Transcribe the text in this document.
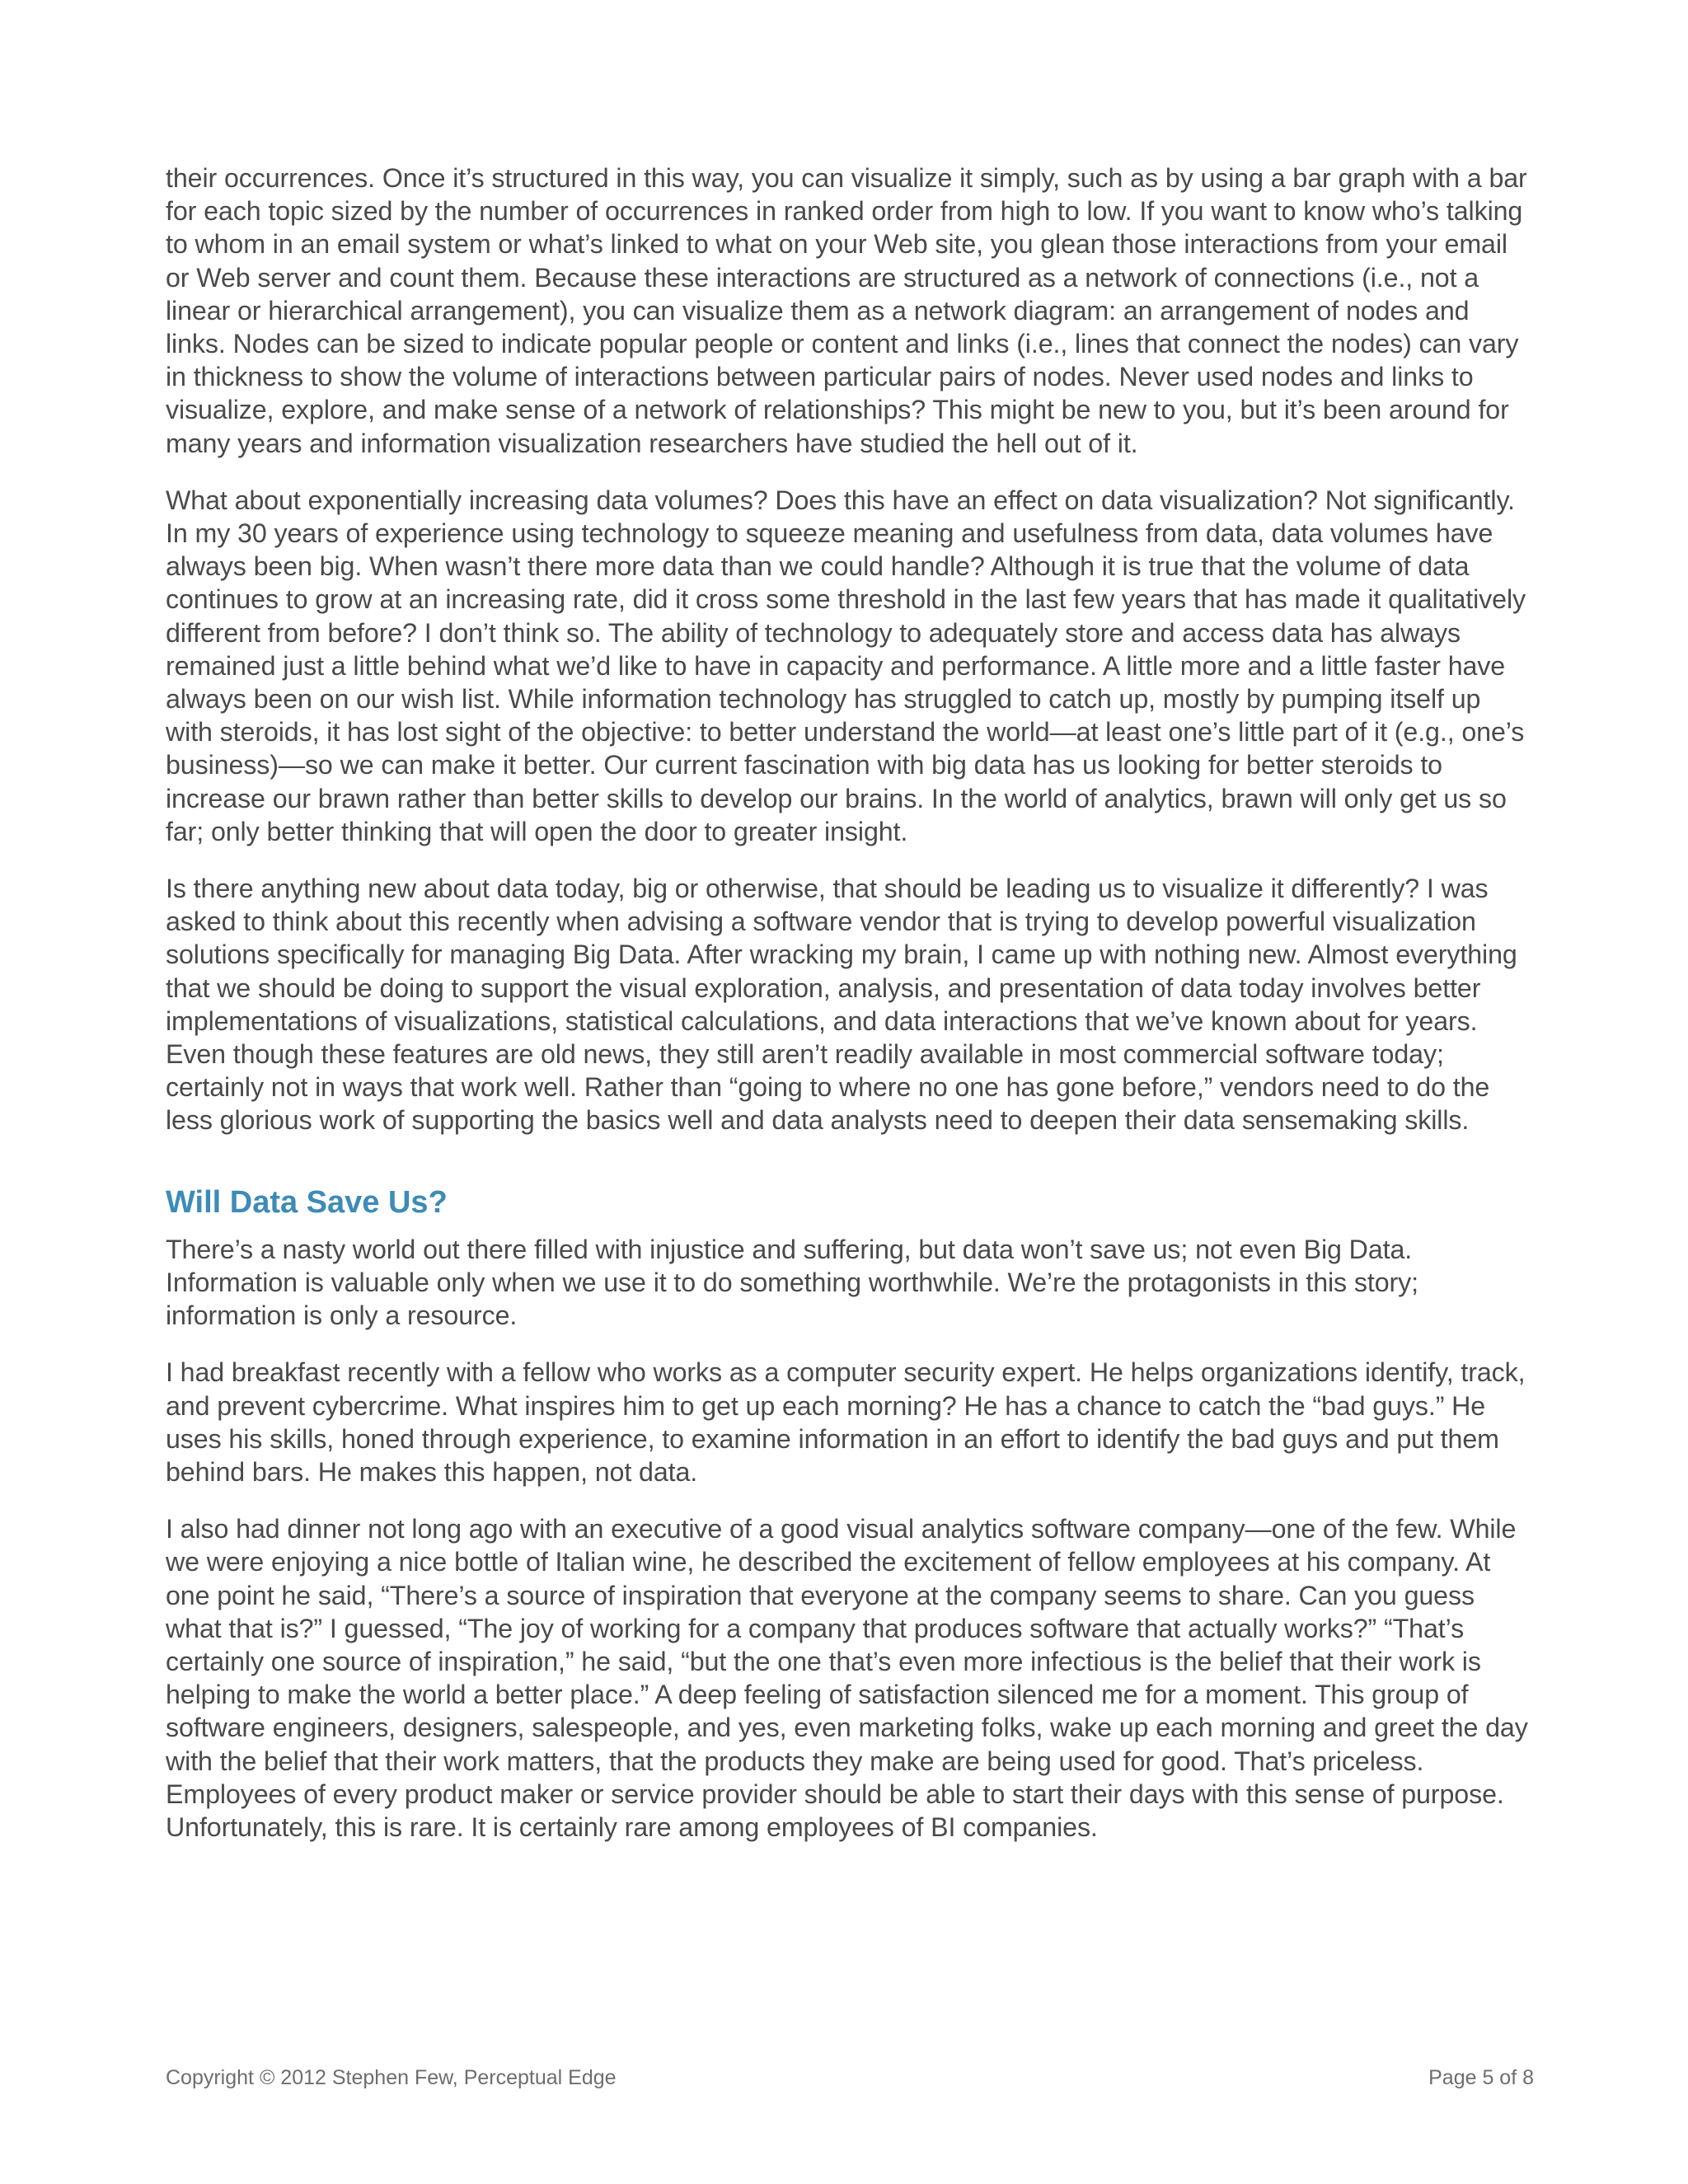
their occurrences. Once it’s structured in this way, you can visualize it simply, such as by using a bar graph with a bar for each topic sized by the number of occurrences in ranked order from high to low. If you want to know who’s talking to whom in an email system or what’s linked to what on your Web site, you glean those interactions from your email or Web server and count them. Because these interactions are structured as a network of connections (i.e., not a linear or hierarchical arrangement), you can visualize them as a network diagram: an arrangement of nodes and links. Nodes can be sized to indicate popular people or content and links (i.e., lines that connect the nodes) can vary in thickness to show the volume of interactions between particular pairs of nodes. Never used nodes and links to visualize, explore, and make sense of a network of relationships? This might be new to you, but it’s been around for many years and information visualization researchers have studied the hell out of it.

What about exponentially increasing data volumes? Does this have an effect on data visualization? Not significantly. In my 30 years of experience using technology to squeeze meaning and usefulness from data, data volumes have always been big. When wasn’t there more data than we could handle? Although it is true that the volume of data continues to grow at an increasing rate, did it cross some threshold in the last few years that has made it qualitatively different from before? I don’t think so. The ability of technology to adequately store and access data has always remained just a little behind what we’d like to have in capacity and performance. A little more and a little faster have always been on our wish list. While information technology has struggled to catch up, mostly by pumping itself up with steroids, it has lost sight of the objective: to better understand the world—at least one’s little part of it (e.g., one’s business)—so we can make it better. Our current fascination with big data has us looking for better steroids to increase our brawn rather than better skills to develop our brains. In the world of analytics, brawn will only get us so far; only better thinking that will open the door to greater insight.

Is there anything new about data today, big or otherwise, that should be leading us to visualize it differently? I was asked to think about this recently when advising a software vendor that is trying to develop powerful visualization solutions specifically for managing Big Data. After wracking my brain, I came up with nothing new. Almost everything that we should be doing to support the visual exploration, analysis, and presentation of data today involves better implementations of visualizations, statistical calculations, and data interactions that we’ve known about for years. Even though these features are old news, they still aren’t readily available in most commercial software today; certainly not in ways that work well. Rather than “going to where no one has gone before,” vendors need to do the less glorious work of supporting the basics well and data analysts need to deepen their data sensemaking skills.

Will Data Save Us?

There’s a nasty world out there filled with injustice and suffering, but data won’t save us; not even Big Data. Information is valuable only when we use it to do something worthwhile. We’re the protagonists in this story; information is only a resource.

I had breakfast recently with a fellow who works as a computer security expert. He helps organizations identify, track, and prevent cybercrime. What inspires him to get up each morning? He has a chance to catch the “bad guys.” He uses his skills, honed through experience, to examine information in an effort to identify the bad guys and put them behind bars. He makes this happen, not data.

I also had dinner not long ago with an executive of a good visual analytics software company—one of the few. While we were enjoying a nice bottle of Italian wine, he described the excitement of fellow employees at his company. At one point he said, “There’s a source of inspiration that everyone at the company seems to share. Can you guess what that is?” I guessed, “The joy of working for a company that produces software that actually works?” “That’s certainly one source of inspiration,” he said, “but the one that’s even more infectious is the belief that their work is helping to make the world a better place.” A deep feeling of satisfaction silenced me for a moment. This group of software engineers, designers, salespeople, and yes, even marketing folks, wake up each morning and greet the day with the belief that their work matters, that the products they make are being used for good. That’s priceless. Employees of every product maker or service provider should be able to start their days with this sense of purpose. Unfortunately, this is rare. It is certainly rare among employees of BI companies.

Copyright © 2012 Stephen Few, Perceptual Edge	Page 5 of 8
